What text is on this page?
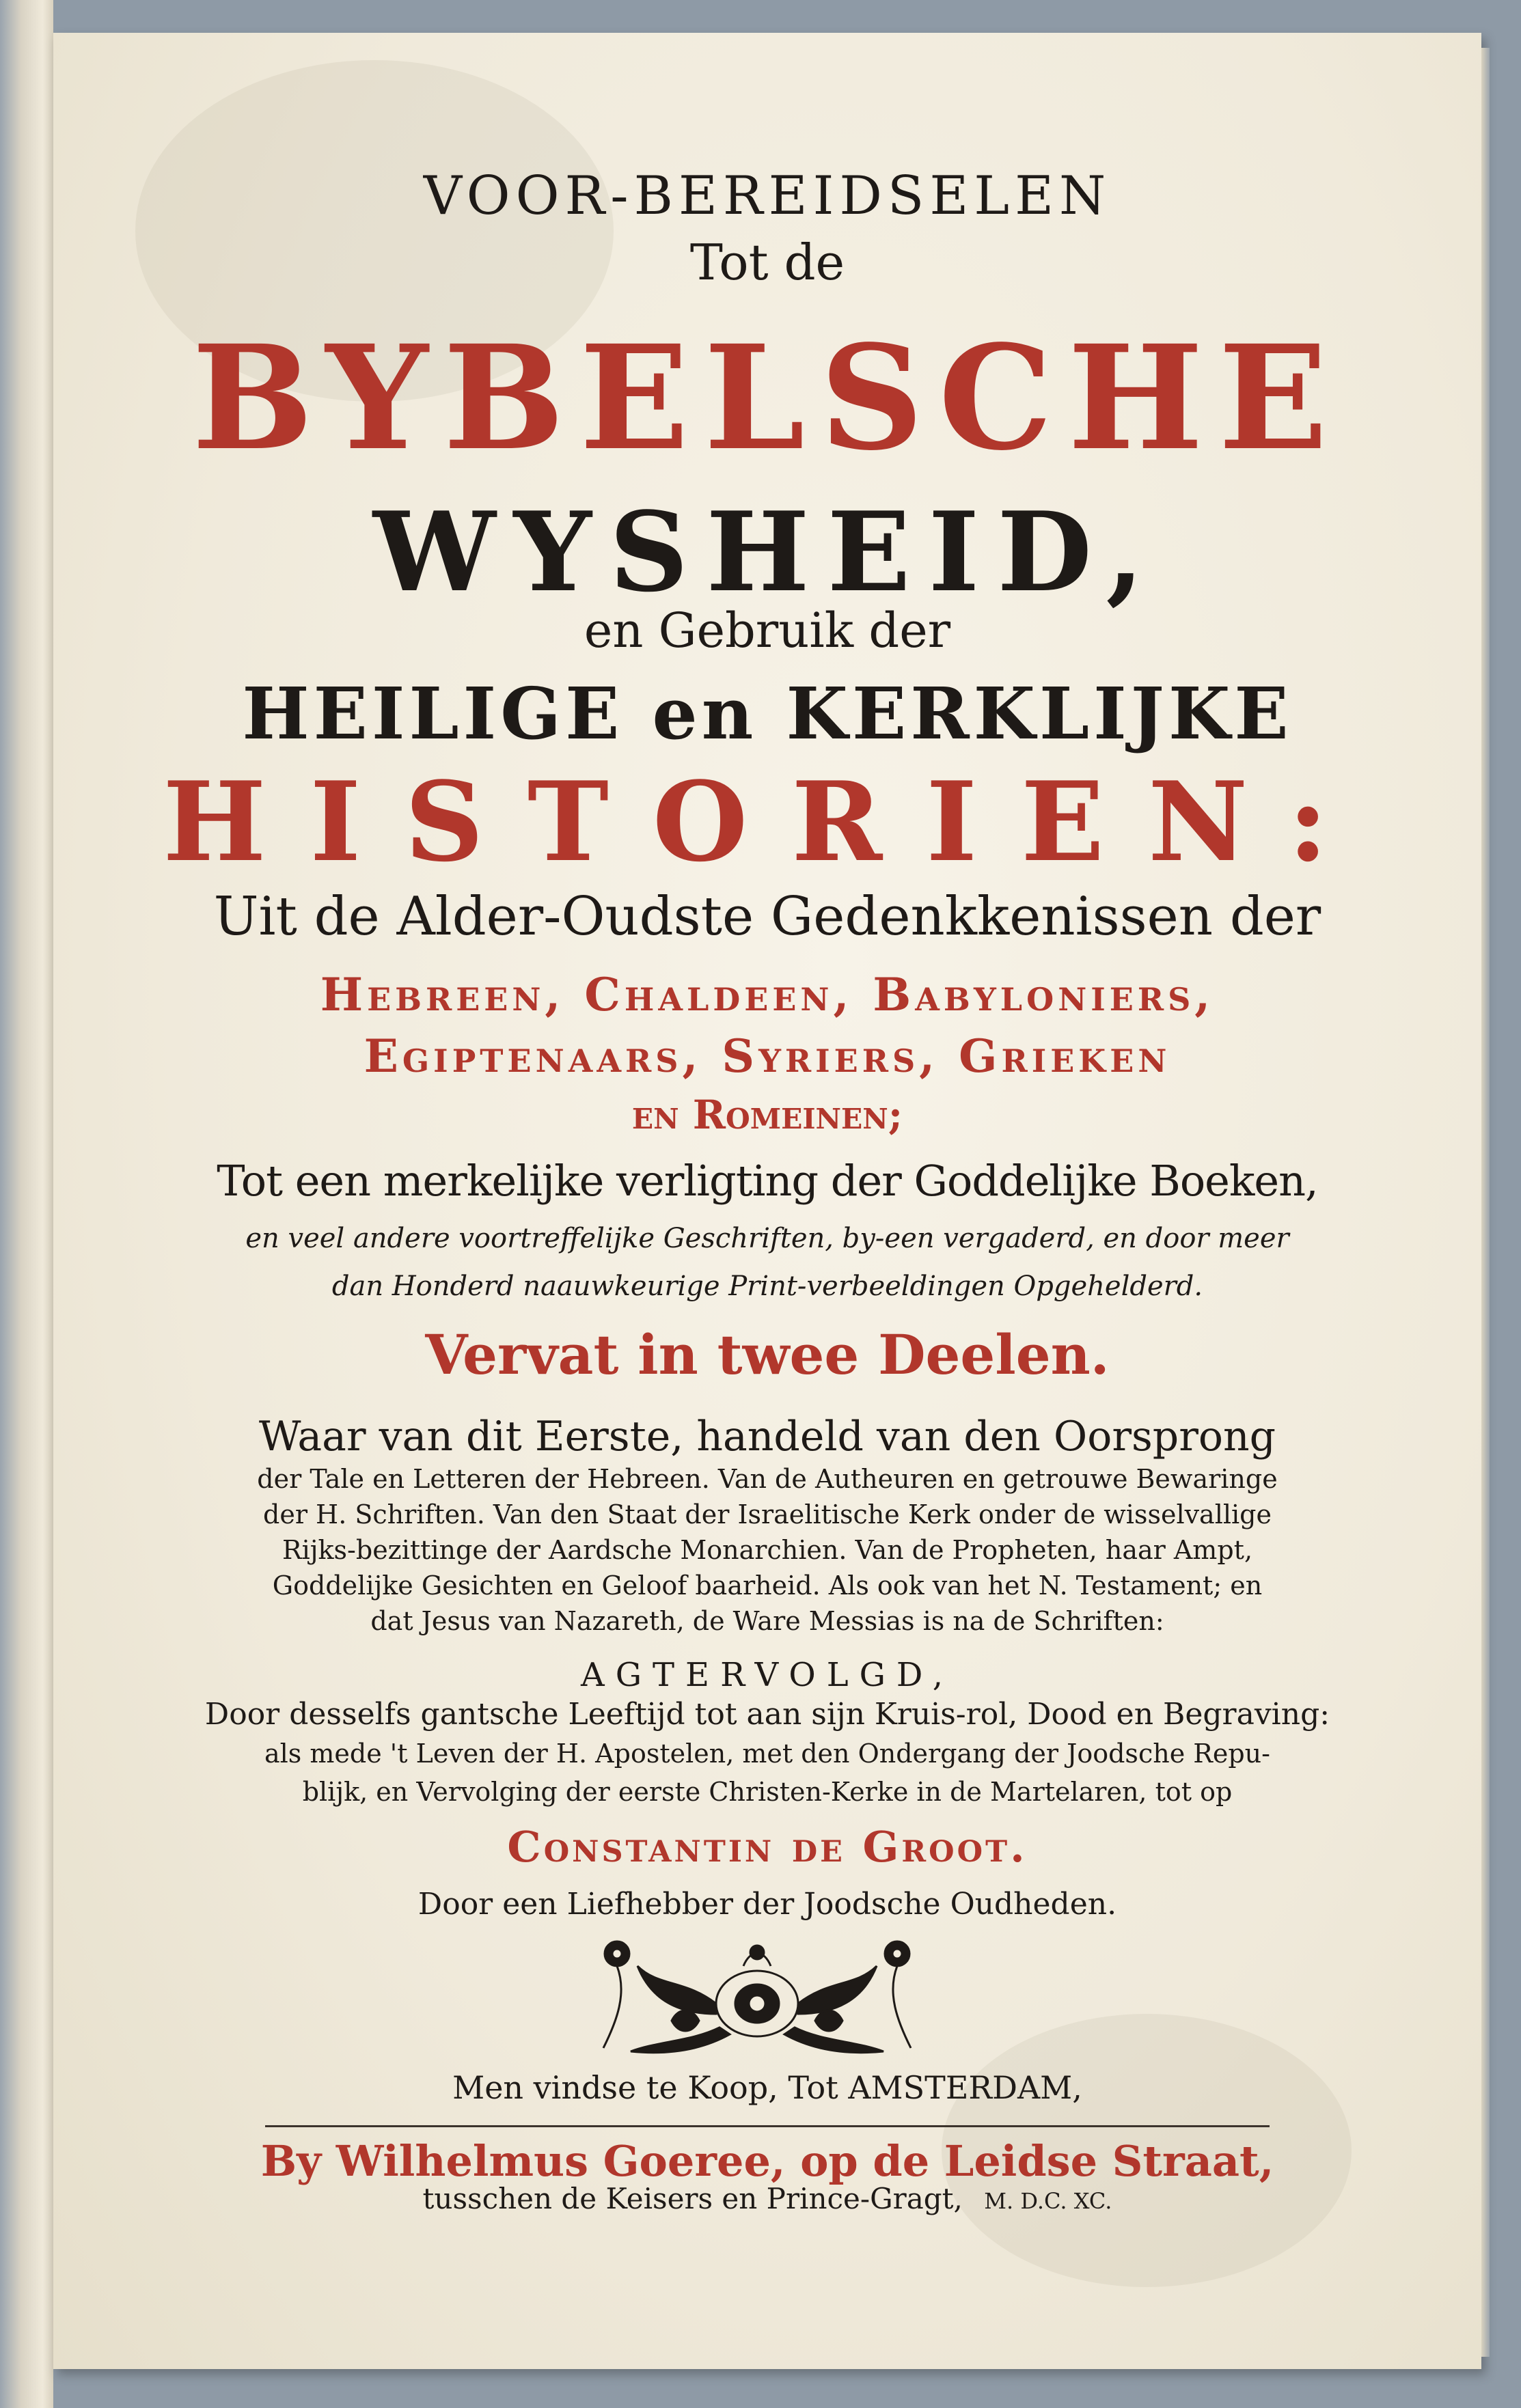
VOOR-BEREIDSELEN
Tot de
BYBELSCHE
WYSHEID,
en Gebruik der
HEILIGE en KERKLIJKE
HISTORIEN:
Uit de Alder-Oudste Gedenkkenissen der
Hebreen, Chaldeen, Babyloniers,
Egiptenaars, Syriers, Grieken
en Romeinen;
Tot een merkelijke verligting der Goddelijke Boeken,
en veel andere voortreffelijke Geschriften, by-een vergaderd, en door meer
dan Honderd naauwkeurige Print-verbeeldingen Opgehelderd.
Vervat in twee Deelen.
Waar van dit Eerste, handeld van den Oorsprong
der Tale en Letteren der Hebreen. Van de Autheuren en getrouwe Bewaringe
der H. Schriften. Van den Staat der Israelitische Kerk onder de wisselvallige
Rijks-bezittinge der Aardsche Monarchien. Van de Propheten, haar Ampt,
Goddelijke Gesichten en Geloof baarheid. Als ook van het N. Testament; en
dat Jesus van Nazareth, de Ware Messias is na de Schriften:
AGTERVOLGD,
Door desselfs gantsche Leeftijd tot aan sijn Kruis-rol, Dood en Begraving:
als mede 't Leven der H. Apostelen, met den Ondergang der Joodsche Repu-
blijk, en Vervolging der eerste Christen-Kerke in de Martelaren, tot op
Constantin de Groot.
Door een Liefhebber der Joodsche Oudheden.
Men vindse te Koop, Tot AMSTERDAM,
By Wilhelmus Goeree, op de Leidse Straat,
tusschen de Keisers en Prince-Gragt, M. D.C. XC.
